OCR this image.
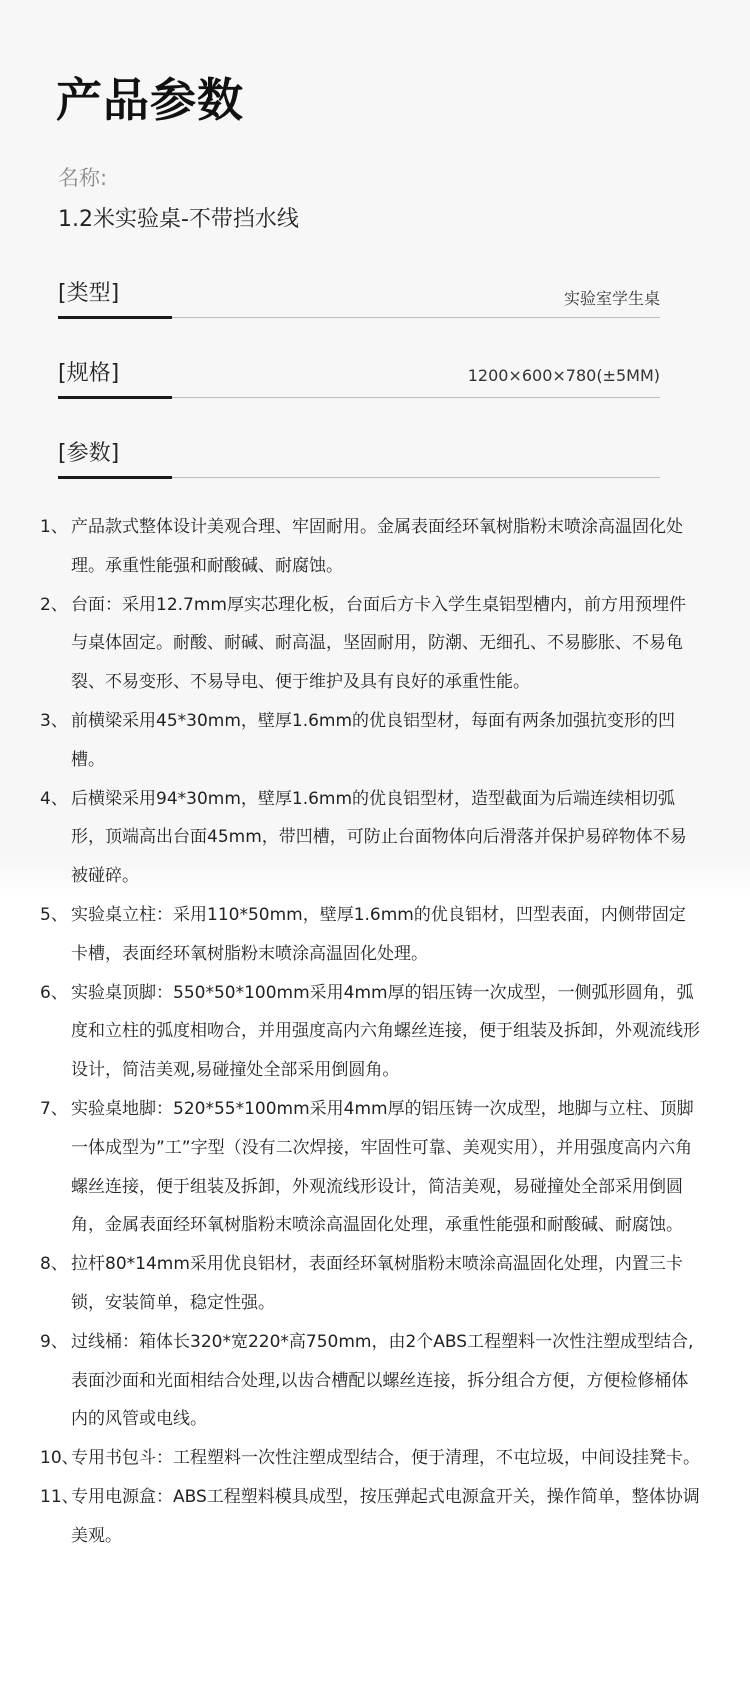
产品参数
名称:
1.2米实验桌-不带挡水线
[类型]	实验室学生桌
[规格]	1200×600×780(±5MM)
[参数]
1、 产品款式整体设计美观合理、牢固耐用。金属表面经环氧树脂粉末喷涂高温固化处理。承重性能强和耐酸碱、耐腐蚀。
2、 台面：采用12.7mm厚实芯理化板，台面后方卡入学生桌铝型槽内，前方用预埋件与桌体固定。耐酸、耐碱、耐高温，坚固耐用，防潮、无细孔、不易膨胀、不易龟裂、不易变形、不易导电、便于维护及具有良好的承重性能。
3、 前横梁采用45*30mm，壁厚1.6mm的优良铝型材，每面有两条加强抗变形的凹槽。
4、 后横梁采用94*30mm，壁厚1.6mm的优良铝型材，造型截面为后端连续相切弧形，顶端高出台面45mm，带凹槽，可防止台面物体向后滑落并保护易碎物体不易被碰碎。
5、 实验桌立柱：采用110*50mm，壁厚1.6mm的优良铝材，凹型表面，内侧带固定卡槽，表面经环氧树脂粉末喷涂高温固化处理。
6、 实验桌顶脚：550*50*100mm采用4mm厚的铝压铸一次成型，一侧弧形圆角，弧度和立柱的弧度相吻合，并用强度高内六角螺丝连接，便于组装及拆卸，外观流线形设计，简洁美观,易碰撞处全部采用倒圆角。
7、 实验桌地脚：520*55*100mm采用4mm厚的铝压铸一次成型，地脚与立柱、顶脚一体成型为”工”字型（没有二次焊接，牢固性可靠、美观实用），并用强度高内六角螺丝连接，便于组装及拆卸，外观流线形设计，简洁美观，易碰撞处全部采用倒圆角，金属表面经环氧树脂粉末喷涂高温固化处理，承重性能强和耐酸碱、耐腐蚀。
8、 拉杆80*14mm采用优良铝材，表面经环氧树脂粉末喷涂高温固化处理，内置三卡锁，安装简单，稳定性强。
9、 过线桶：箱体长320*宽220*高750mm，由2个ABS工程塑料一次性注塑成型结合,表面沙面和光面相结合处理,以齿合槽配以螺丝连接，拆分组合方便，方便检修桶体内的风管或电线。
10、
专用书包斗：工程塑料一次性注塑成型结合，便于清理，不屯垃圾，中间设挂凳卡。
11、
专用电源盒：ABS工程塑料模具成型，按压弹起式电源盒开关，操作简单，整体协调美观。
